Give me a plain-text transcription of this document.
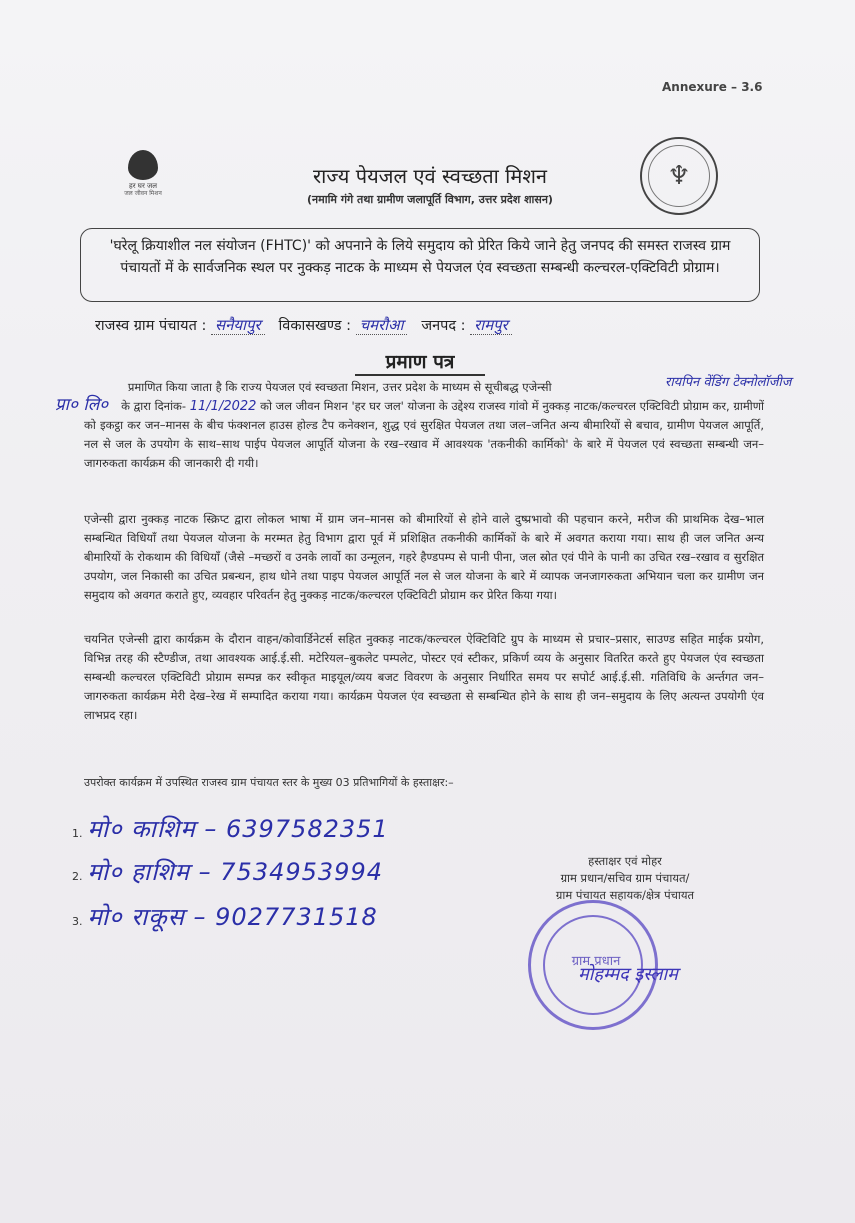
Annexure – 3.6
हर घर जल
जल जीवन मिशन
♆
राज्य पेयजल एवं स्वच्छता मिशन
(नमामि गंगे तथा ग्रामीण जलापूर्ति विभाग, उत्तर प्रदेश शासन)
'घरेलू क्रियाशील नल संयोजन (FHTC)' को अपनाने के लिये समुदाय को प्रेरित किये जाने हेतु जनपद की समस्त राजस्व ग्राम पंचायतों में के सार्वजनिक स्थल पर नुक्कड़ नाटक के माध्यम से पेयजल एंव स्वच्छता सम्बन्धी कल्चरल-एक्टिविटी प्रोग्राम।
राजस्व ग्राम पंचायत : सनैयापुर विकासखण्ड : चमरौआ जनपद : रामपुर
प्रमाण पत्र
प्रा० लि०
रायपिन वेंडिंग टेक्नोलॉजीज
प्रमाणित किया जाता है कि राज्य पेयजल एवं स्वच्छता मिशन, उत्तर प्रदेश के माध्यम से सूचीबद्ध एजेन्सी
के द्वारा दिनांक- 11/1/2022 को जल जीवन मिशन 'हर घर जल' योजना के उद्देश्य राजस्व गांवो में नुक्कड़ नाटक/कल्चरल एक्टिविटी प्रोग्राम कर, ग्रामीणों को इकट्ठा कर जन–मानस के बीच फंक्शनल हाउस होल्ड टैप कनेक्शन, शुद्ध एवं सुरक्षित पेयजल तथा जल–जनित अन्य बीमारियों से बचाव, ग्रामीण पेयजल आपूर्ति, नल से जल के उपयोग के साथ–साथ पाईप पेयजल आपूर्ति योजना के रख–रखाव में आवश्यक 'तकनीकी कार्मिको' के बारे में पेयजल एवं स्वच्छता सम्बन्धी जन–जागरुकता कार्यक्रम की जानकारी दी गयी।
एजेन्सी द्वारा नुक्कड़ नाटक स्क्रिप्ट द्वारा लोकल भाषा में ग्राम जन–मानस को बीमारियों से होने वाले दुष्प्रभावो की पहचान करने, मरीज की प्राथमिक देख–भाल सम्बन्धित विधियाँ तथा पेयजल योजना के मरम्मत हेतु विभाग द्वारा पूर्व में प्रशिक्षित तकनीकी कार्मिकों के बारे में अवगत कराया गया। साथ ही जल जनित अन्य बीमारियों के रोकथाम की विधियाँ (जैसे –मच्छरों व उनके लार्वो का उन्मूलन, गहरे हैण्डपम्प से पानी पीना, जल स्रोत एवं पीने के पानी का उचित रख–रखाव व सुरक्षित उपयोग, जल निकासी का उचित प्रबन्धन, हाथ धोने तथा पाइप पेयजल आपूर्ति नल से जल योजना के बारे में व्यापक जनजागरुकता अभियान चला कर ग्रामीण जन समुदाय को अवगत कराते हुए, व्यवहार परिवर्तन हेतु नुक्कड़ नाटक/कल्चरल एक्टिविटी प्रोग्राम कर प्रेरित किया गया।
चयनित एजेन्सी द्वारा कार्यक्रम के दौरान वाहन/कोवार्डिनेटर्स सहित नुक्कड़ नाटक/कल्चरल ऐक्टिविटि ग्रुप के माध्यम से प्रचार–प्रसार, साउण्ड सहित माईक प्रयोग, विभिन्न तरह की स्टैण्डीज, तथा आवश्यक आई.ई.सी. मटेरियल–बुकलेट पम्पलेट, पोस्टर एवं स्टीकर, प्रकिर्ण व्यय के अनुसार वितरित करते हुए पेयजल एंव स्वच्छता सम्बन्धी कल्चरल एक्टिविटी प्रोग्राम सम्पन्न कर स्वीकृत माइयूल/व्यय बजट विवरण के अनुसार निर्धारित समय पर सपोर्ट आई.ई.सी. गतिविधि के अर्न्तगत जन–जागरुकता कार्यक्रम मेरी देख–रेख में सम्पादित कराया गया। कार्यक्रम पेयजल एंव स्वच्छता से सम्बन्धित होने के साथ ही जन–समुदाय के लिए अत्यन्त उपयोगी एंव लाभप्रद रहा।
उपरोक्त कार्यक्रम में उपस्थित राजस्व ग्राम पंचायत स्तर के मुख्य 03 प्रतिभागियों के हस्ताक्षर:–
1. मो० काशिम – 6397582351
2. मो० हाशिम – 7534953994
3. मो० राकूस – 9027731518
हस्ताक्षर एवं मोहर
ग्राम प्रधान/सचिव ग्राम पंचायत/
ग्राम पंचायत सहायक/क्षेत्र पंचायत
ग्राम प्रधान
मोहम्मद इस्लाम
